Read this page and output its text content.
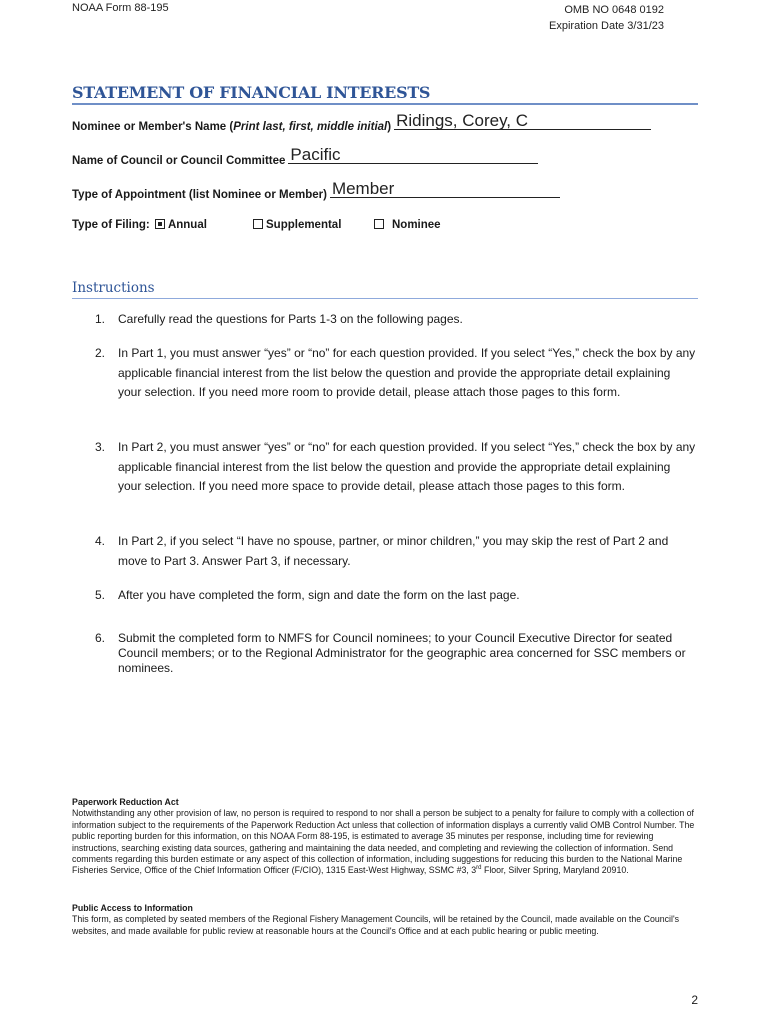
NOAA Form 88-195	OMB NO 0648 0192
Expiration Date 3/31/23
STATEMENT OF FINANCIAL INTERESTS
Nominee or Member's Name (Print last, first, middle initial) Ridings, Corey, C
Name of Council or Council Committee Pacific
Type of Appointment (list Nominee or Member) Member
Type of Filing: Annual	Supplemental	Nominee
Instructions
1. Carefully read the questions for Parts 1-3 on the following pages.
2. In Part 1, you must answer “yes” or “no” for each question provided. If you select “Yes,” check the box by any applicable financial interest from the list below the question and provide the appropriate detail explaining your selection. If you need more room to provide detail, please attach those pages to this form.
3. In Part 2, you must answer “yes” or “no” for each question provided. If you select “Yes,” check the box by any applicable financial interest from the list below the question and provide the appropriate detail explaining your selection. If you need more space to provide detail, please attach those pages to this form.
4. In Part 2, if you select “I have no spouse, partner, or minor children,” you may skip the rest of Part 2 and move to Part 3. Answer Part 3, if necessary.
5. After you have completed the form, sign and date the form on the last page.
6. Submit the completed form to NMFS for Council nominees; to your Council Executive Director for seated Council members; or to the Regional Administrator for the geographic area concerned for SSC members or nominees.
Paperwork Reduction Act
Notwithstanding any other provision of law, no person is required to respond to nor shall a person be subject to a penalty for failure to comply with a collection of information subject to the requirements of the Paperwork Reduction Act unless that collection of information displays a currently valid OMB Control Number. The public reporting burden for this information, on this NOAA Form 88-195, is estimated to average 35 minutes per response, including time for reviewing instructions, searching existing data sources, gathering and maintaining the data needed, and completing and reviewing the collection of information. Send comments regarding this burden estimate or any aspect of this collection of information, including suggestions for reducing this burden to the National Marine Fisheries Service, Office of the Chief Information Officer (F/CIO), 1315 East-West Highway, SSMC #3, 3rd Floor, Silver Spring, Maryland 20910.
Public Access to Information
This form, as completed by seated members of the Regional Fishery Management Councils, will be retained by the Council, made available on the Council's websites, and made available for public review at reasonable hours at the Council's Office and at each public hearing or public meeting.
2
